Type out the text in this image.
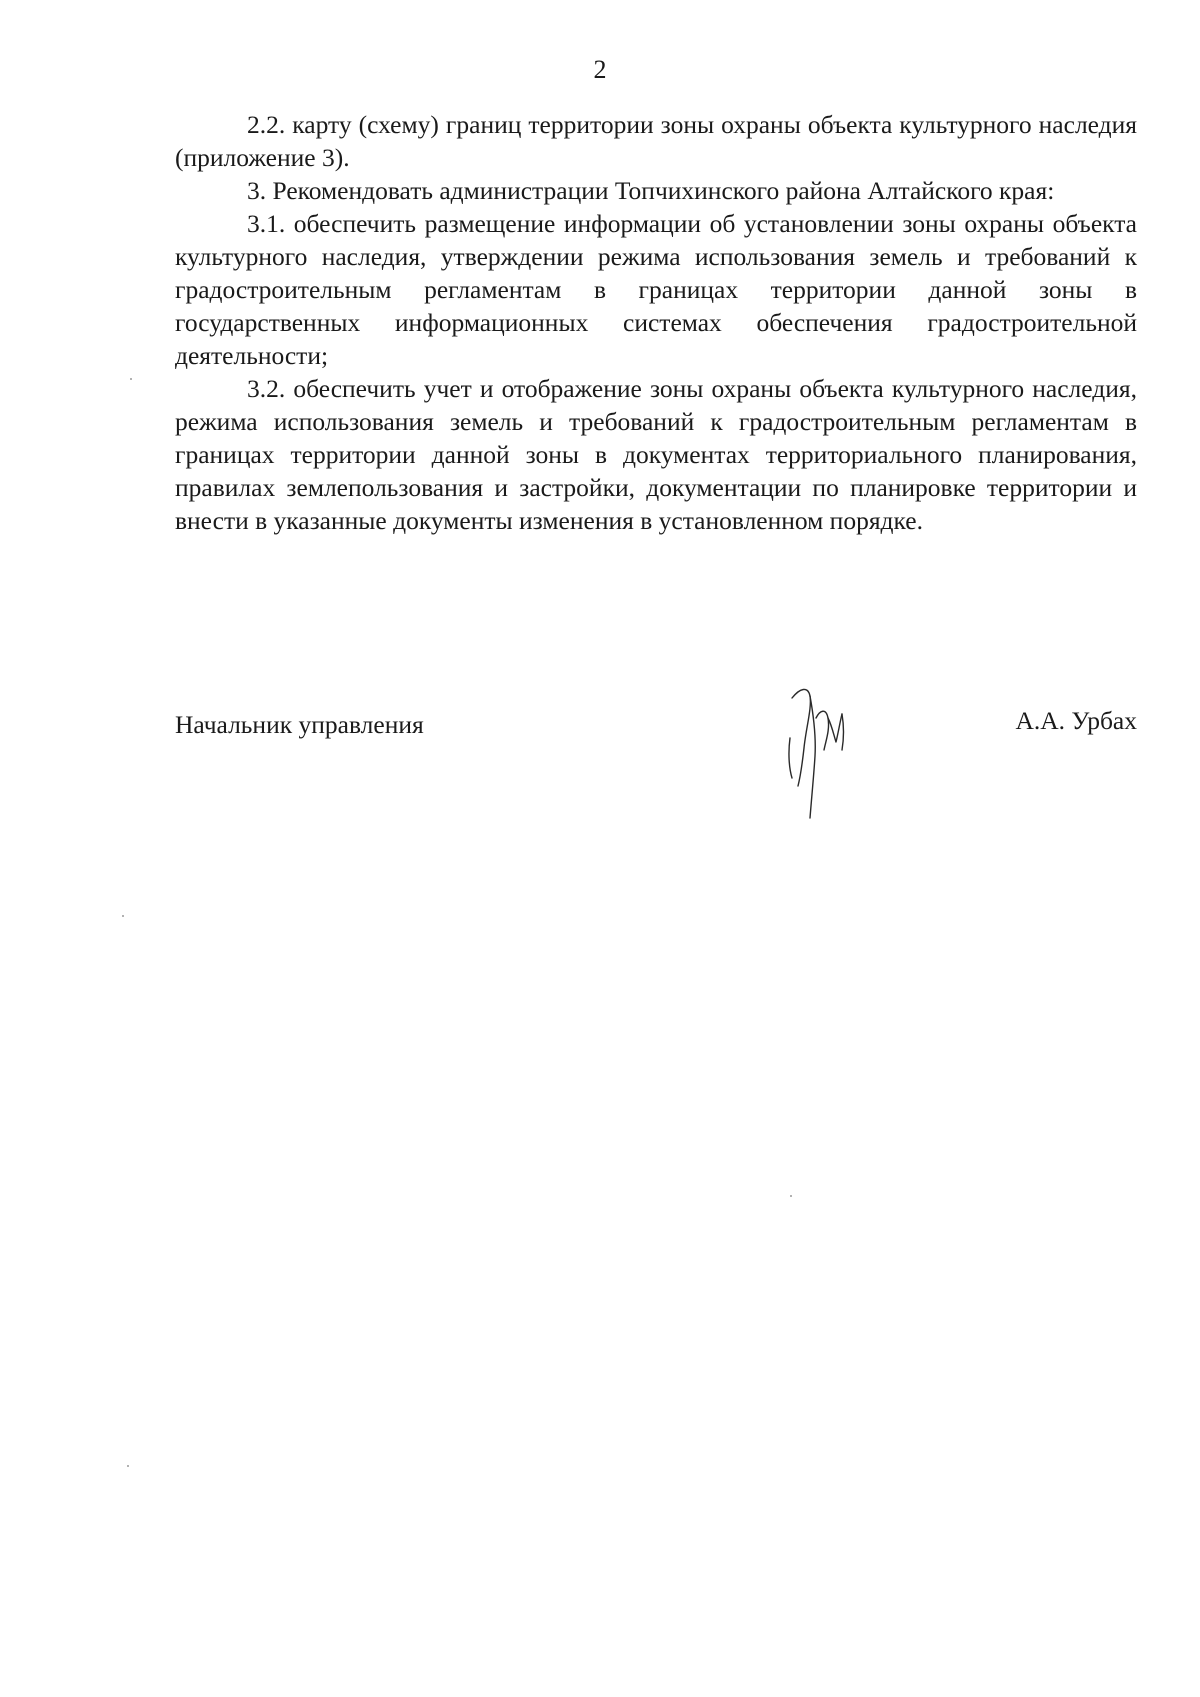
2

2.2. карту (схему) границ территории зоны охраны объекта культурного наследия (приложение 3).

3. Рекомендовать администрации Топчихинского района Алтайского края:

3.1. обеспечить размещение информации об установлении зоны охраны объекта культурного наследия, утверждении режима использования земель и требований к градостроительным регламентам в границах территории данной зоны в государственных информационных системах обеспечения градостроительной деятельности;

3.2. обеспечить учет и отображение зоны охраны объекта культурного наследия, режима использования земель и требований к градостроительным регламентам в границах территории данной зоны в документах территориального планирования, правилах землепользования и застройки, документации по планировке территории и внести в указанные документы изменения в установленном порядке.

Начальник управления	А.А. Урбах
